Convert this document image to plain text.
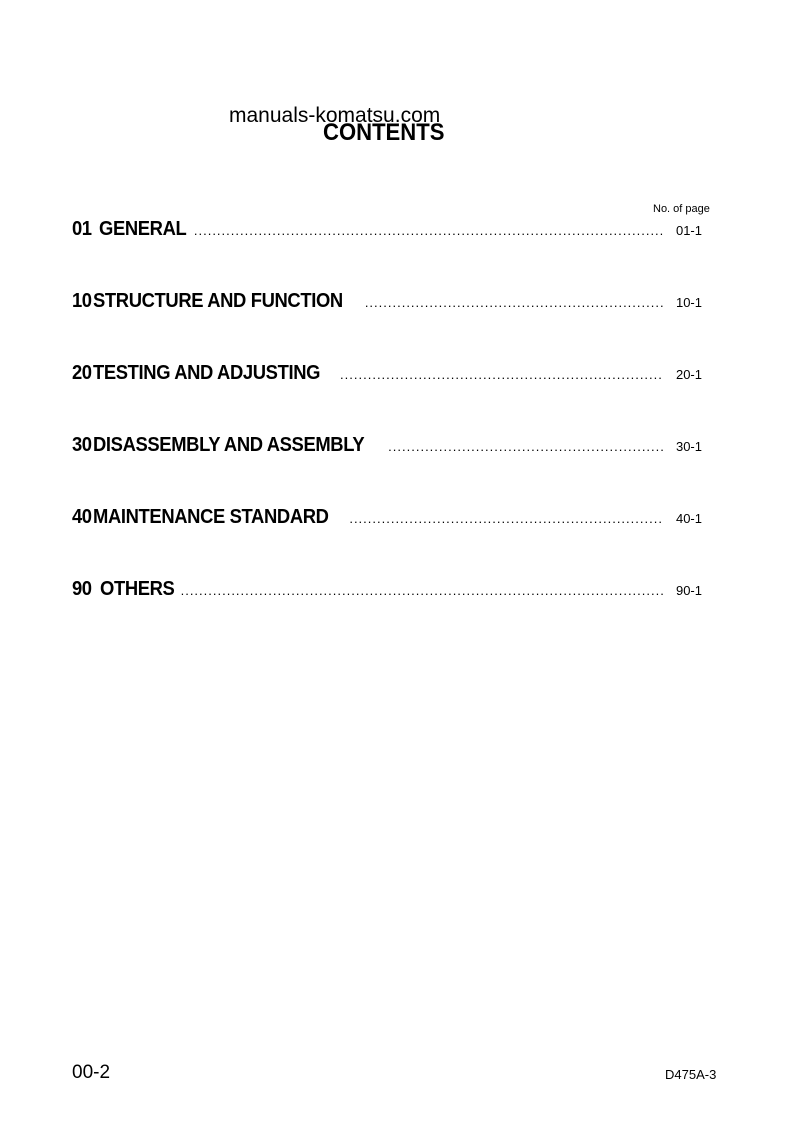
manuals-komatsu.com
CONTENTS
No. of page
01 GENERAL .....	01-1
10 STRUCTURE AND FUNCTION .....	10-1
20 TESTING AND ADJUSTING .....	20-1
30 DISASSEMBLY AND ASSEMBLY .....	30-1
40 MAINTENANCE STANDARD .....	40-1
90 OTHERS .....	90-1
00-2	D475A-3
